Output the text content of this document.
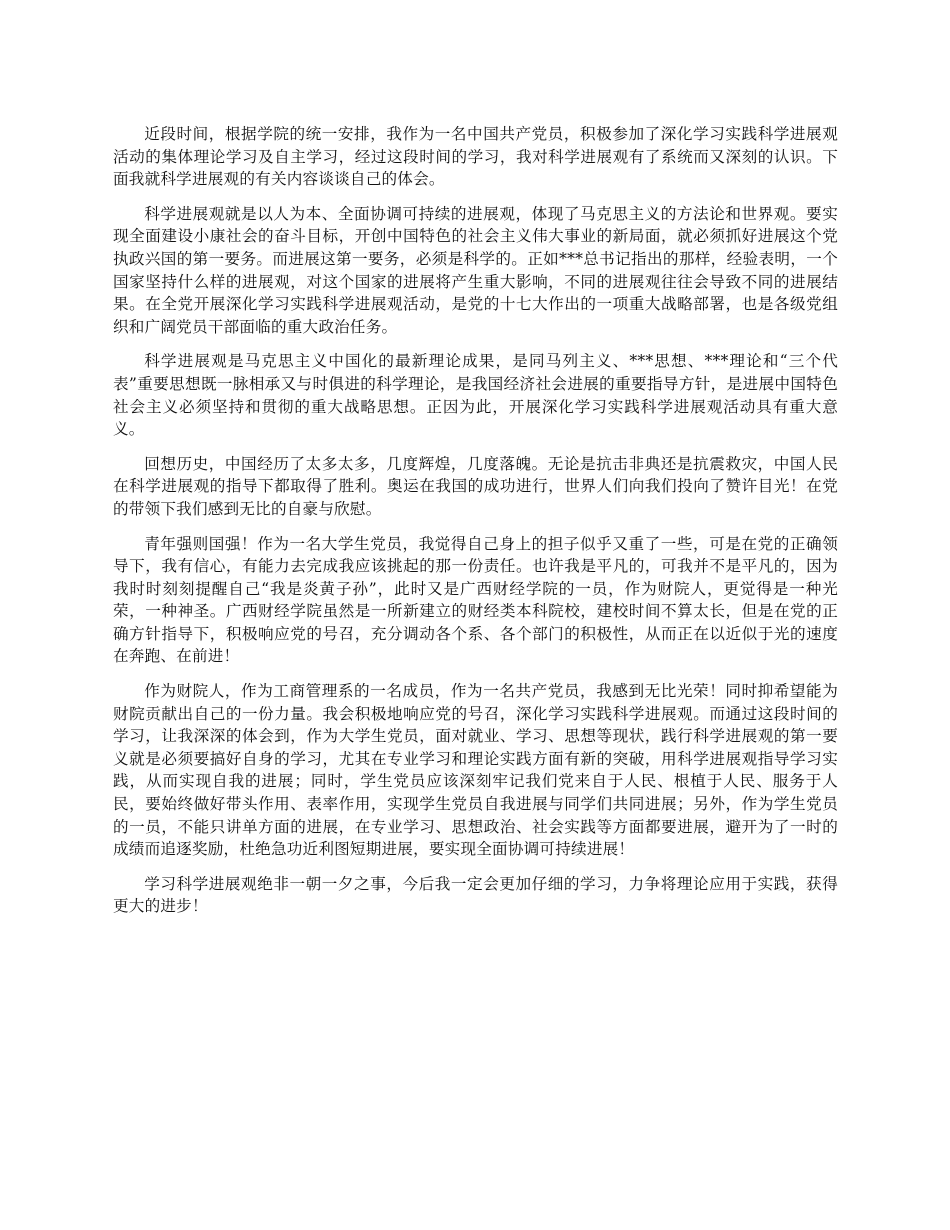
近段时间，根据学院的统一安排，我作为一名中国共产党员，积极参加了深化学习实践科学进展观活动的集体理论学习及自主学习，经过这段时间的学习，我对科学进展观有了系统而又深刻的认识。下面我就科学进展观的有关内容谈谈自己的体会。

科学进展观就是以人为本、全面协调可持续的进展观，体现了马克思主义的方法论和世界观。要实现全面建设小康社会的奋斗目标，开创中国特色的社会主义伟大事业的新局面，就必须抓好进展这个党执政兴国的第一要务。而进展这第一要务，必须是科学的。正如***总书记指出的那样，经验表明，一个国家坚持什么样的进展观，对这个国家的进展将产生重大影响，不同的进展观往往会导致不同的进展结果。在全党开展深化学习实践科学进展观活动，是党的十七大作出的一项重大战略部署，也是各级党组织和广阔党员干部面临的重大政治任务。

科学进展观是马克思主义中国化的最新理论成果，是同马列主义、***思想、***理论和“三个代表”重要思想既一脉相承又与时俱进的科学理论，是我国经济社会进展的重要指导方针，是进展中国特色社会主义必须坚持和贯彻的重大战略思想。正因为此，开展深化学习实践科学进展观活动具有重大意义。

回想历史，中国经历了太多太多，几度辉煌，几度落魄。无论是抗击非典还是抗震救灾，中国人民在科学进展观的指导下都取得了胜利。奥运在我国的成功进行，世界人们向我们投向了赞许目光！在党的带领下我们感到无比的自豪与欣慰。

青年强则国强！作为一名大学生党员，我觉得自己身上的担子似乎又重了一些，可是在党的正确领导下，我有信心，有能力去完成我应该挑起的那一份责任。也许我是平凡的，可我并不是平凡的，因为我时时刻刻提醒自己“我是炎黄子孙”，此时又是广西财经学院的一员，作为财院人，更觉得是一种光荣，一种神圣。广西财经学院虽然是一所新建立的财经类本科院校，建校时间不算太长，但是在党的正确方针指导下，积极响应党的号召，充分调动各个系、各个部门的积极性，从而正在以近似于光的速度在奔跑、在前进！

作为财院人，作为工商管理系的一名成员，作为一名共产党员，我感到无比光荣！同时抑希望能为财院贡献出自己的一份力量。我会积极地响应党的号召，深化学习实践科学进展观。而通过这段时间的学习，让我深深的体会到，作为大学生党员，面对就业、学习、思想等现状，践行科学进展观的第一要义就是必须要搞好自身的学习，尤其在专业学习和理论实践方面有新的突破，用科学进展观指导学习实践，从而实现自我的进展；同时，学生党员应该深刻牢记我们党来自于人民、根植于人民、服务于人民，要始终做好带头作用、表率作用，实现学生党员自我进展与同学们共同进展；另外，作为学生党员的一员，不能只讲单方面的进展，在专业学习、思想政治、社会实践等方面都要进展，避开为了一时的成绩而追逐奖励，杜绝急功近利图短期进展，要实现全面协调可持续进展！

学习科学进展观绝非一朝一夕之事，今后我一定会更加仔细的学习，力争将理论应用于实践，获得更大的进步！
